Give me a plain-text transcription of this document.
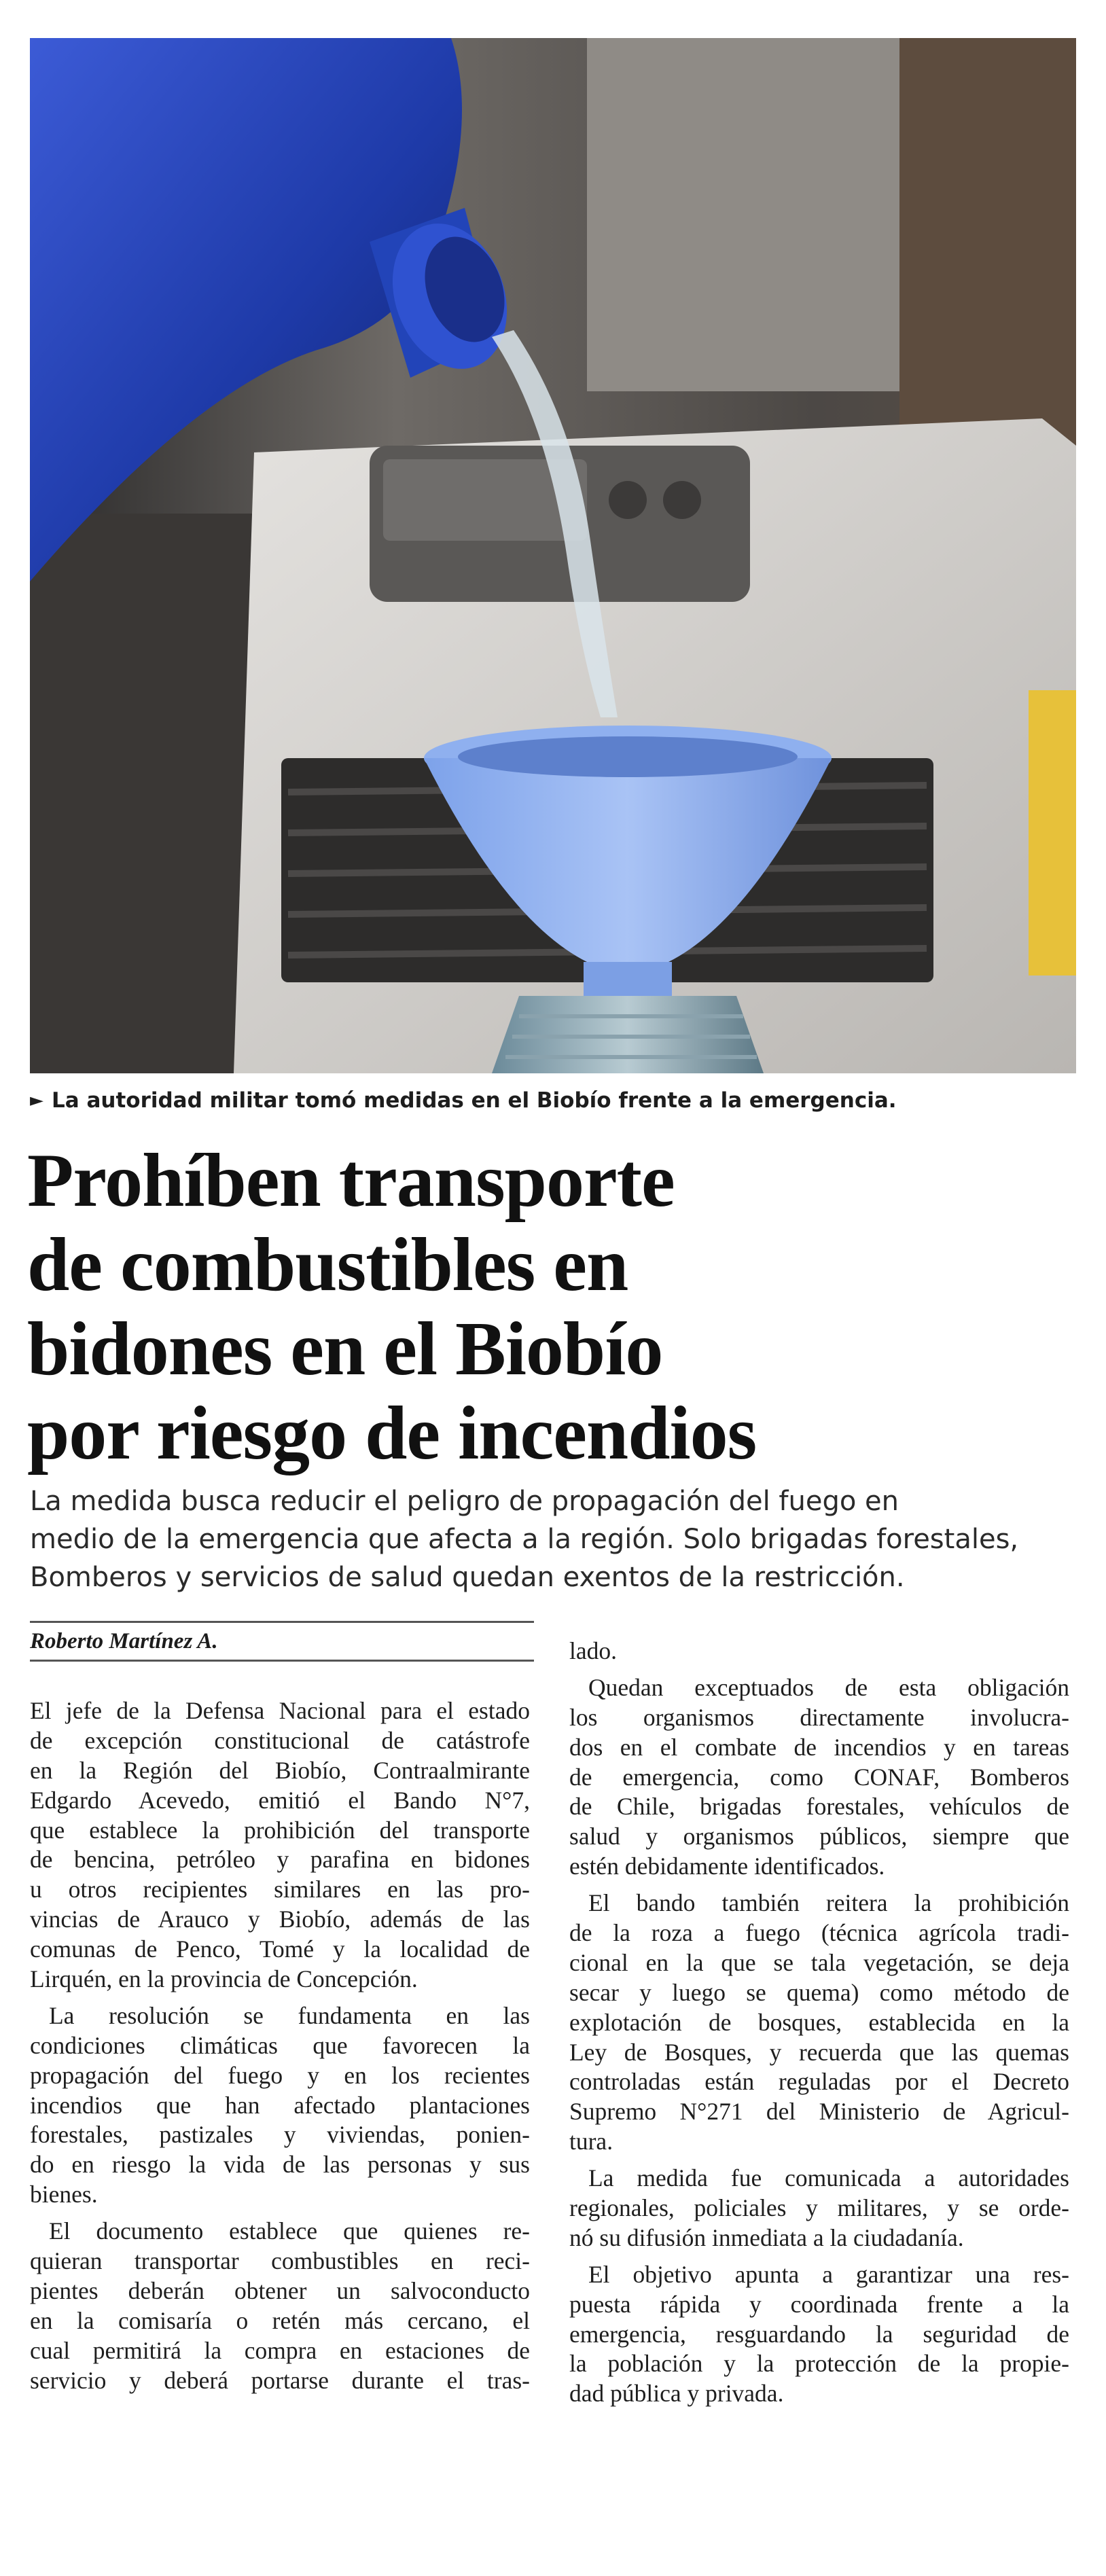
► La autoridad militar tomó medidas en el Biobío frente a la emergencia.
Prohíben transporte
de combustibles en
bidones en el Biobío
por riesgo de incendios

La medida busca reducir el peligro de propagación del fuego en
medio de la emergencia que afecta a la región. Solo brigadas forestales,
Bomberos y servicios de salud quedan exentos de la restricción.

Roberto Martínez A.

El jefe de la Defensa Nacional para el estado
de excepción constitucional de catástrofe
en la Región del Biobío, Contraalmirante
Edgardo Acevedo, emitió el Bando N°7,
que establece la prohibición del transporte
de bencina, petróleo y parafina en bidones
u otros recipientes similares en las pro-
vincias de Arauco y Biobío, además de las
comunas de Penco, Tomé y la localidad de
Lirquén, en la provincia de Concepción.

La resolución se fundamenta en las
condiciones climáticas que favorecen la
propagación del fuego y en los recientes
incendios que han afectado plantaciones
forestales, pastizales y viviendas, ponien-
do en riesgo la vida de las personas y sus
bienes.

El documento establece que quienes re-
quieran transportar combustibles en reci-
pientes deberán obtener un salvoconducto
en la comisaría o retén más cercano, el
cual permitirá la compra en estaciones de
servicio y deberá portarse durante el tras-

lado.

Quedan exceptuados de esta obligación
los organismos directamente involucra-
dos en el combate de incendios y en tareas
de emergencia, como CONAF, Bomberos
de Chile, brigadas forestales, vehículos de
salud y organismos públicos, siempre que
estén debidamente identificados.

El bando también reitera la prohibición
de la roza a fuego (técnica agrícola tradi-
cional en la que se tala vegetación, se deja
secar y luego se quema) como método de
explotación de bosques, establecida en la
Ley de Bosques, y recuerda que las quemas
controladas están reguladas por el Decreto
Supremo N°271 del Ministerio de Agricul-
tura.

La medida fue comunicada a autoridades
regionales, policiales y militares, y se orde-
nó su difusión inmediata a la ciudadanía.

El objetivo apunta a garantizar una res-
puesta rápida y coordinada frente a la
emergencia, resguardando la seguridad de
la población y la protección de la propie-
dad pública y privada.
